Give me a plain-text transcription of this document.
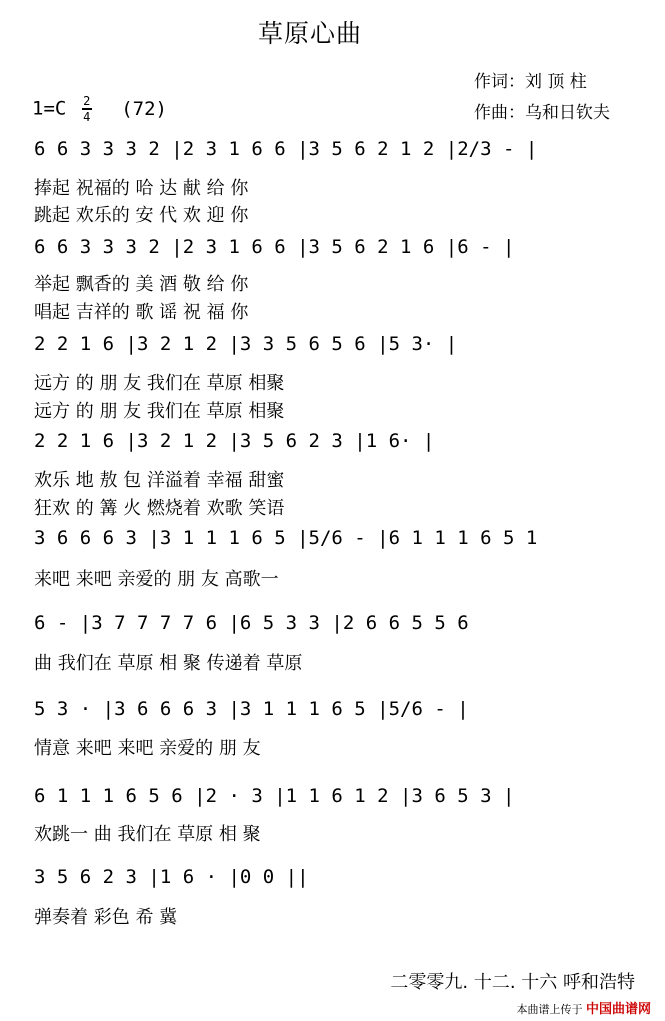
草原心曲
作词：刘 顶 柱
作曲：乌和日钦夫
$1=C \frac{2}{4} (72)$
6 6 3 3 3 2 |2 3 1 6 6 |3 5 6 2 1 2 |2/3 - |
捧起 祝福的 哈 达 献 给 你
跳起 欢乐的 安 代 欢 迎 你
6 6 3 3 3 2 |2 3 1 6 6 |3 5 6 2 1 6 |6 - |
举起 飘香的 美 酒 敬 给 你
唱起 吉祥的 歌 谣 祝 福 你
2 2 1 6 |3 2 1 2 |3 3 5 6 5 6 |5 3· |
远方 的 朋 友 我们在 草原 相聚
远方 的 朋 友 我们在 草原 相聚
2 2 1 6 |3 2 1 2 |3 5 6 2 3 |1 6· |
欢乐 地 敖 包 洋溢着 幸福 甜蜜
狂欢 的 篝 火 燃烧着 欢歌 笑语
3 6 6 6 3 |3 1 1 1 6 5 |5/6 - |6 1 1 1 6 5 1
来吧 来吧 亲爱的 朋 友 高歌一
6 - |3 7 7 7 7 6 |6 5 3 3 |2 6 6 5 5 6
曲 我们在 草原 相 聚 传递着 草原
5 3 · |3 6 6 6 3 |3 1 1 1 6 5 |5/6 - |
情意 来吧 来吧 亲爱的 朋 友
6 1 1 1 6 5 6 |2 · 3 |1 1 6 1 2 |3 6 5 3 |
欢跳一 曲 我们在 草原 相 聚
3 5 6 2 3 |1 6 · |0 0 ||
弹奏着 彩色 希 冀
二零零九. 十二. 十六 呼和浩特
本曲谱上传于 中国曲谱网
